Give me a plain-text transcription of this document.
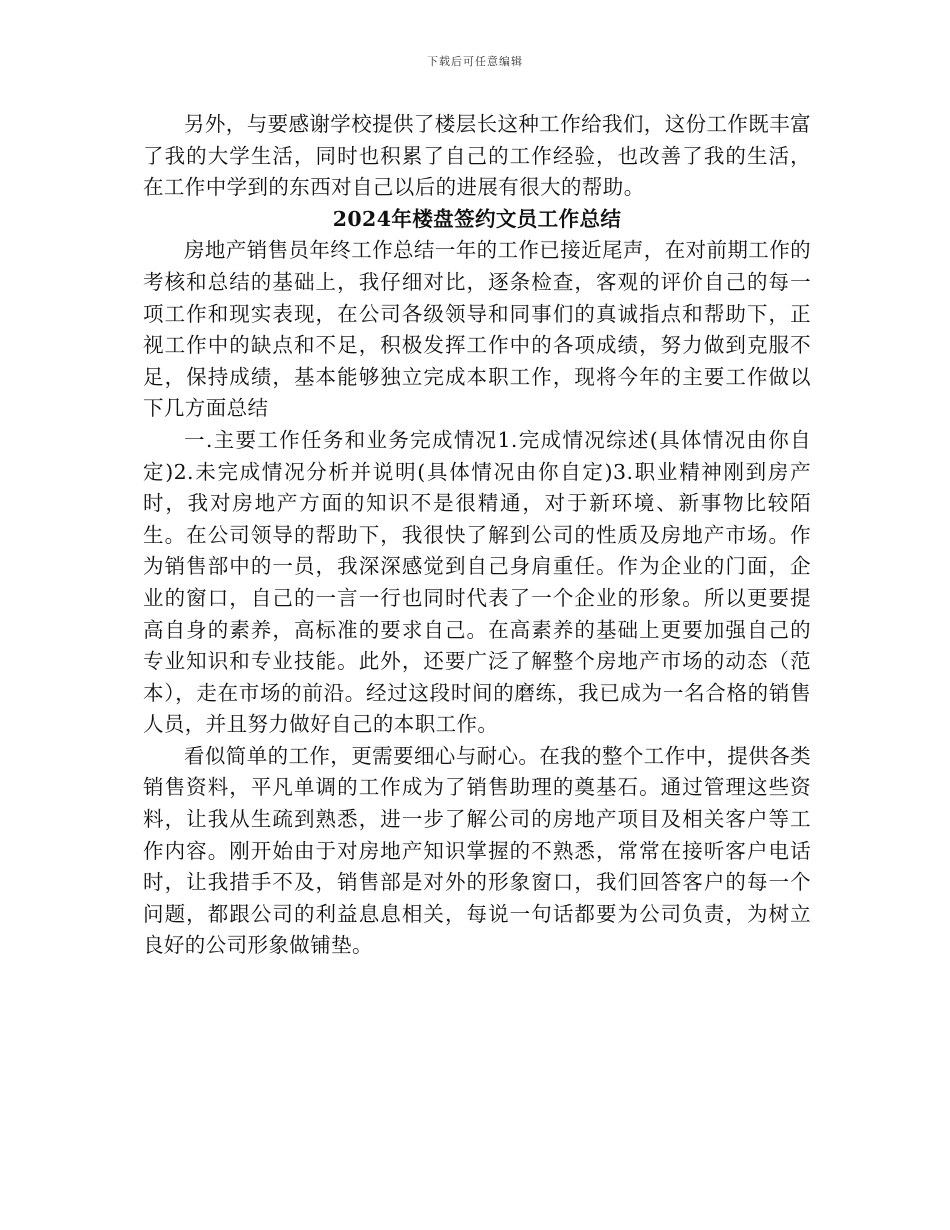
下载后可任意编辑

另外，与要感谢学校提供了楼层长这种工作给我们，这份工作既丰富了我的大学生活，同时也积累了自己的工作经验，也改善了我的生活，在工作中学到的东西对自己以后的进展有很大的帮助。

2024年楼盘签约文员工作总结

房地产销售员年终工作总结一年的工作已接近尾声，在对前期工作的考核和总结的基础上，我仔细对比，逐条检查，客观的评价自己的每一项工作和现实表现，在公司各级领导和同事们的真诚指点和帮助下，正视工作中的缺点和不足，积极发挥工作中的各项成绩，努力做到克服不足，保持成绩，基本能够独立完成本职工作，现将今年的主要工作做以下几方面总结

一.主要工作任务和业务完成情况1.完成情况综述(具体情况由你自定)2.未完成情况分析并说明(具体情况由你自定)3.职业精神刚到房产时，我对房地产方面的知识不是很精通，对于新环境、新事物比较陌生。在公司领导的帮助下，我很快了解到公司的性质及房地产市场。作为销售部中的一员，我深深感觉到自己身肩重任。作为企业的门面，企业的窗口，自己的一言一行也同时代表了一个企业的形象。所以更要提高自身的素养，高标准的要求自己。在高素养的基础上更要加强自己的专业知识和专业技能。此外，还要广泛了解整个房地产市场的动态（范本），走在市场的前沿。经过这段时间的磨练，我已成为一名合格的销售人员，并且努力做好自己的本职工作。

看似简单的工作，更需要细心与耐心。在我的整个工作中，提供各类销售资料，平凡单调的工作成为了销售助理的奠基石。通过管理这些资料，让我从生疏到熟悉，进一步了解公司的房地产项目及相关客户等工作内容。刚开始由于对房地产知识掌握的不熟悉，常常在接听客户电话时，让我措手不及，销售部是对外的形象窗口，我们回答客户的每一个问题，都跟公司的利益息息相关，每说一句话都要为公司负责，为树立良好的公司形象做铺垫。
